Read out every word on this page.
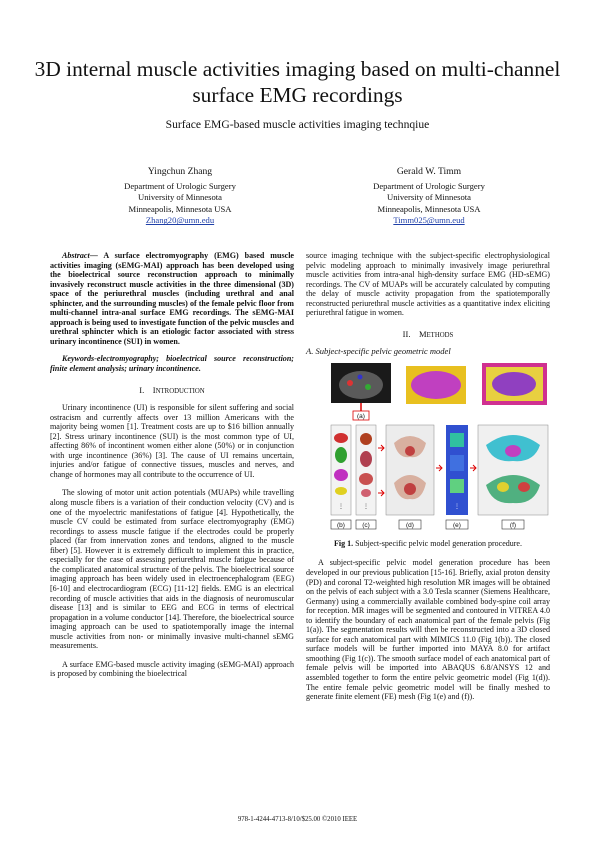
3D internal muscle activities imaging based on multi-channel surface EMG recordings
Surface EMG-based muscle activities imaging technqiue
Yingchun Zhang
Department of Urologic Surgery
University of Minnesota
Minneapolis, Minnesota USA
Zhang20@umn.edu
Gerald W. Timm
Department of Urologic Surgery
University of Minnesota
Minneapolis, Minnesota USA
Timm025@umn.eud

Abstract— A surface electromyography (EMG) based muscle activities imaging (sEMG-MAI) approach has been developed using the bioelectrical source reconstruction approach to minimally invasively reconstruct muscle activities in the three dimensional (3D) space of the periurethral muscles (including urethral and anal sphincter, and the surrounding muscles) of the female pelvic floor from multi-channel intra-anal surface EMG recordings. The sEMG-MAI approach is being used to investigate function of the pelvic muscles and urethral sphincter which is an etiologic factor associated with stress urinary incontinence (SUI) in women.

Keywords-electromyography; bioelectrical source reconstruction; finite element analysis; urinary incontinence.

I. INTRODUCTION

Urinary incontinence (UI) is responsible for silent suffering and social ostracism and currently affects over 13 million Americans with the majority being women [1]. Treatment costs are up to $16 billion annually [2]. Stress urinary incontinence (SUI) is the most common type of UI, affecting 86% of incontinent women either alone (50%) or in conjunction with urge incontinence (36%) [3]. The cause of UI remains uncertain, injuries and/or fatigue of connective tissues, muscles and nerves, and change of hormones may all contribute to the occurrence of UI.

The slowing of motor unit action potentials (MUAPs) while travelling along muscle fibers is a variation of their conduction velocity (CV) and is one of the myoelectric manifestations of fatigue [4]. Hypothetically, the muscle CV could be estimated from surface electromyography (EMG) recordings to assess muscle fatigue if the electrodes could be properly placed (far from innervation zones and tendons, aligned to the muscle fiber) [5]. However it is extremely difficult to implement this in practice, especially for the case of assessing periurethral muscle fatigue because of the complicated anatomical structure of the pelvis. The bioelectrical source imaging approach has been widely used in electroencephalogram (EEG) [6-10] and electrocardiogram (ECG) [11-12] fields. EMG is an electrical recording of muscle activities that aids in the diagnosis of neuromuscular disease [13] and is similar to EEG and ECG in terms of electrical propagation in a volume conductor [14]. Therefore, the bioelectrical source imaging approach can be used to spatiotemporally image the internal muscle activities from non- or minimally invasive multi-channel sEMG measurements.

A surface EMG-based muscle activity imaging (sEMG-MAI) approach is proposed by combining the bioelectrical

source imaging technique with the subject-specific electrophysiological pelvic modeling approach to minimally invasively image periurethral muscle activities from intra-anal high-density surface EMG (HD-sEMG) recordings. The CV of MUAPs will be accurately calculated by computing the delay of muscle activity propagation from the spatiotemporally reconstructed periurethral muscle activities as a quantitative index eliciting periurethral fatigue in women.

II. METHODS
A. Subject-specific pelvic geometric model
(a)
⋮
(b)
⋮
(c)	(d)
⋮
(e)	(f)
Fig 1. Subject-specific pelvic model generation procedure.

A subject-specific pelvic model generation procedure has been developed in our previous publication [15-16]. Briefly, axial proton density (PD) and coronal T2-weighted high resolution MR images will be obtained on the pelvis of each subject with a 3.0 Tesla scanner (Siemens Healthcare, Germany) using a commercially available combined body-spine coil array for reception. MR images will be segmented and contoured in VITREA 4.0 to identify the boundary of each anatomical part of the female pelvis (Fig 1(a)). The segmentation results will then be reconstructed into a 3D closed surface for each anatomical part with MIMICS 11.0 (Fig 1(b)). The closed surface models will be further imported into MAYA 8.0 for artifact smoothing (Fig 1(c)). The smooth surface model of each anatomical part of female pelvis will be imported into ABAQUS 6.8/ANSYS 12 and assembled together to form the entire pelvic geometric model (Fig 1(d)). The entire female pelvic geometric model will be finally meshed to generate finite element (FE) mesh (Fig 1(e) and (f)).

978-1-4244-4713-8/10/$25.00 ©2010 IEEE
